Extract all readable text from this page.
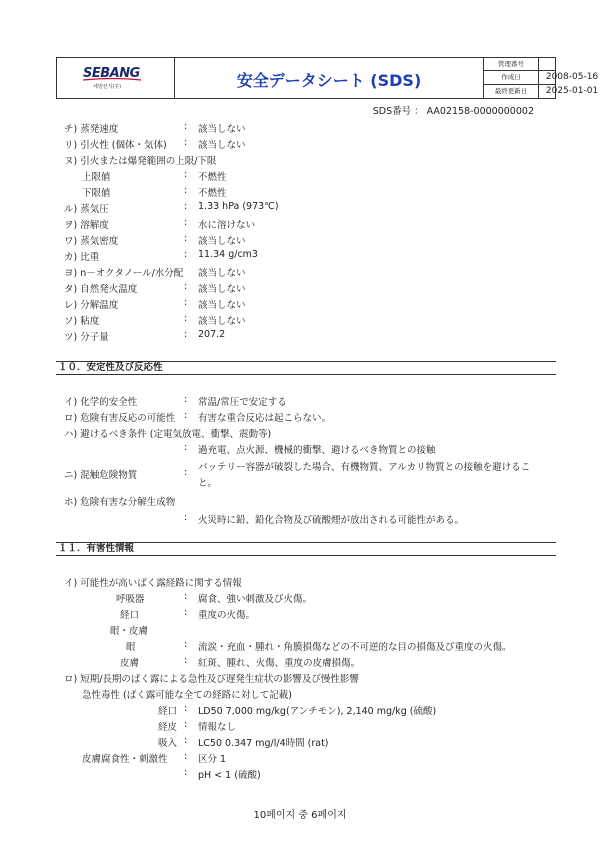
SEBANG
세방전지(주)	安全データシート (SDS)
管理番号
作成日	2008-05-16
最終更新日	2025-01-01
SDS番号 ： AA02158-0000000002
チ) 蒸発速度	: 該当しない
リ) 引火性 (個体・気体) : 該当しない
ヌ) 引火または爆発範囲の上限/下限
上限値	: 不燃性
下限値	: 不燃性
ル) 蒸気圧	: 1.33 hPa (973℃)
ヲ) 溶解度	: 水に溶けない
ワ) 蒸気密度	: 該当しない
カ) 比重	: 11.34 g/cm3
ヨ) n－オクタノール/水分配	該当しない
タ) 自然発火温度	: 該当しない
レ) 分解温度	: 該当しない
ソ) 粘度	: 該当しない
ツ) 分子量	: 207.2
１０．安定性及び反応性
イ) 化学的安全性	: 常温/常圧で安定する
ロ) 危険有害反応の可能性 : 有害な重合反応は起こらない。
ハ) 避けるべき条件 (定電気放電、衝撃、震動等)
: 過充電、点火源、機械的衝撃、避けるべき物質との接触
ニ) 混触危険物質	: バッテリー容器が破裂した場合、有機物質、アルカリ物質との接触を避けるこ
と。
ホ) 危険有害な分解生成物
: 火災時に鉛、鉛化合物及び硫酸煙が放出される可能性がある。
１１．有害性情報
イ) 可能性が高いばく露経路に関する情報
呼吸器	: 腐食、強い刺激及び火傷。
経口	: 重度の火傷。
眼・皮膚
眼	: 流涙・充血・腫れ・角膜損傷などの不可逆的な目の損傷及び重度の火傷。
皮膚	: 紅斑、腫れ、火傷、重度の皮膚損傷。
ロ) 短期/長期のばく露による急性及び遅発生症状の影響及び慢性影響
急性毒性 (ばく露可能な全ての経路に対して記載)
経口 : LD50 7,000 mg/kg(アンチモン), 2,140 mg/kg (硫酸)
経皮 : 情報なし
吸入 : LC50 0.347 mg/l/4時間 (rat)
皮膚腐食性・刺激性 : 区分 1
: pH < 1 (硫酸)
10페이지 중 6페이지
